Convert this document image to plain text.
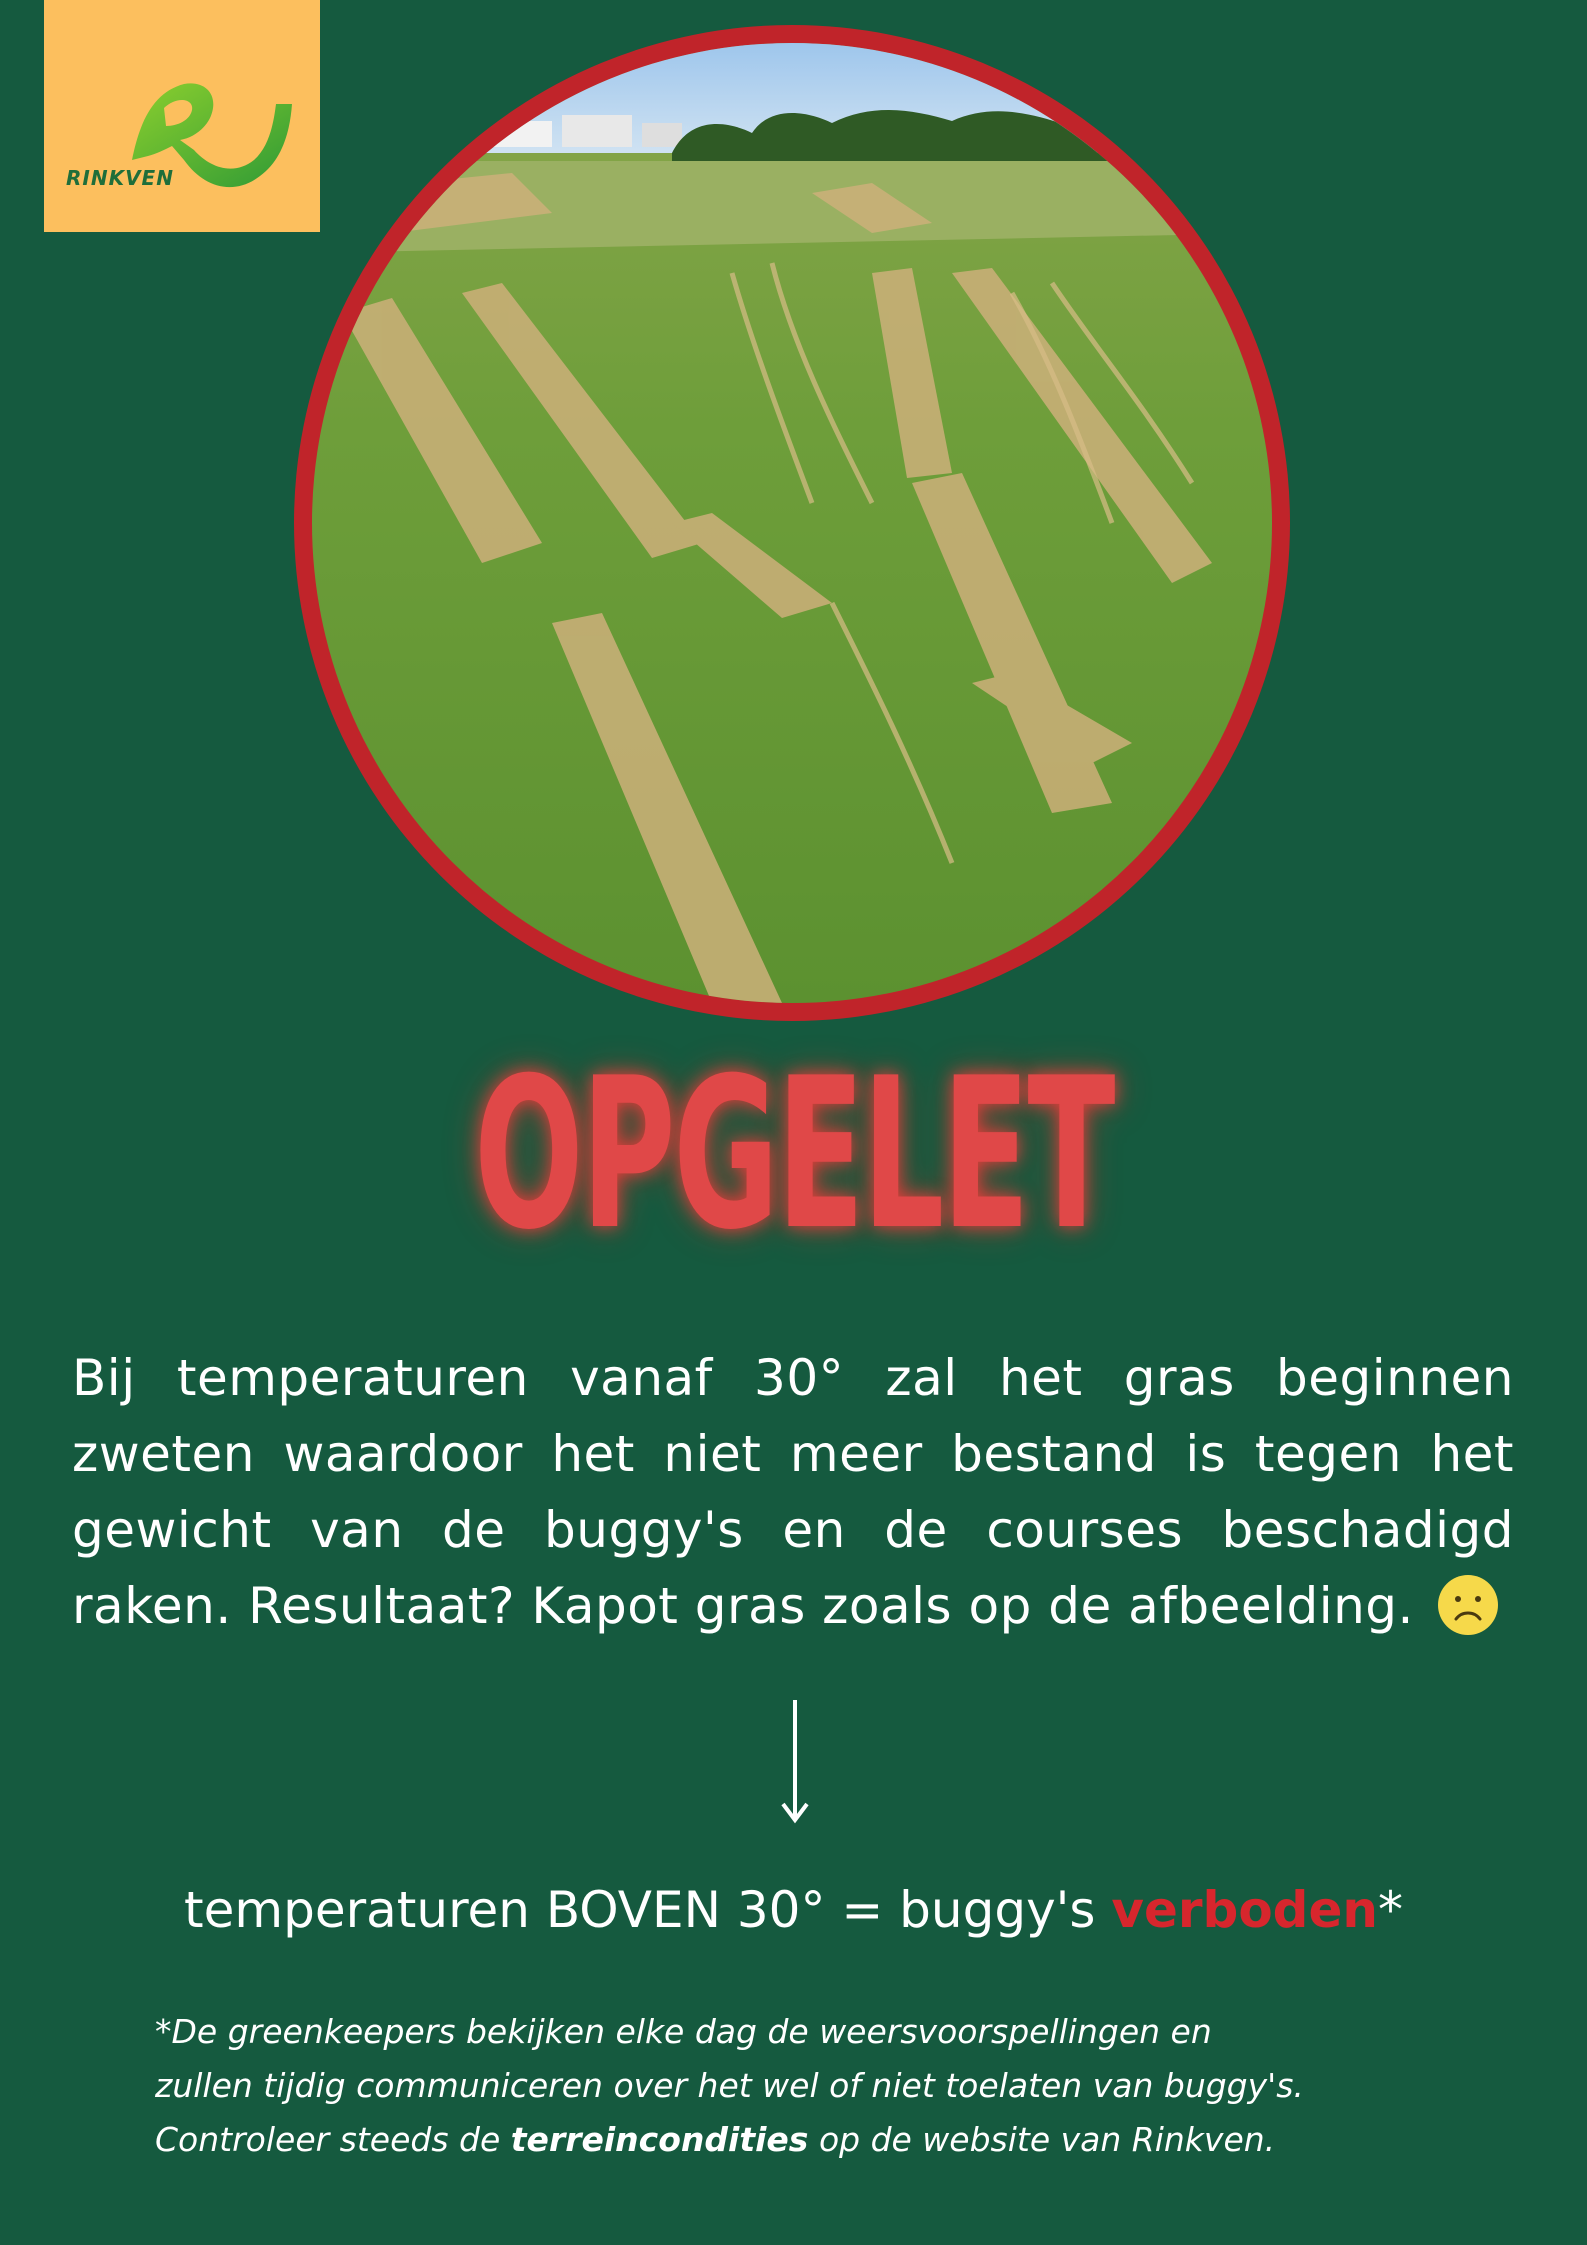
RINKVEN
OPGELET
Bij temperaturen vanaf 30° zal het gras beginnen zweten waardoor het niet meer bestand is tegen het gewicht van de buggy's en de courses beschadigd raken. Resultaat? Kapot gras zoals op de afbeelding.
temperaturen BOVEN 30° = buggy's verboden*
*De greenkeepers bekijken elke dag de weersvoorspellingen en
zullen tijdig communiceren over het wel of niet toelaten van buggy's.
Controleer steeds de terreincondities op de website van Rinkven.
